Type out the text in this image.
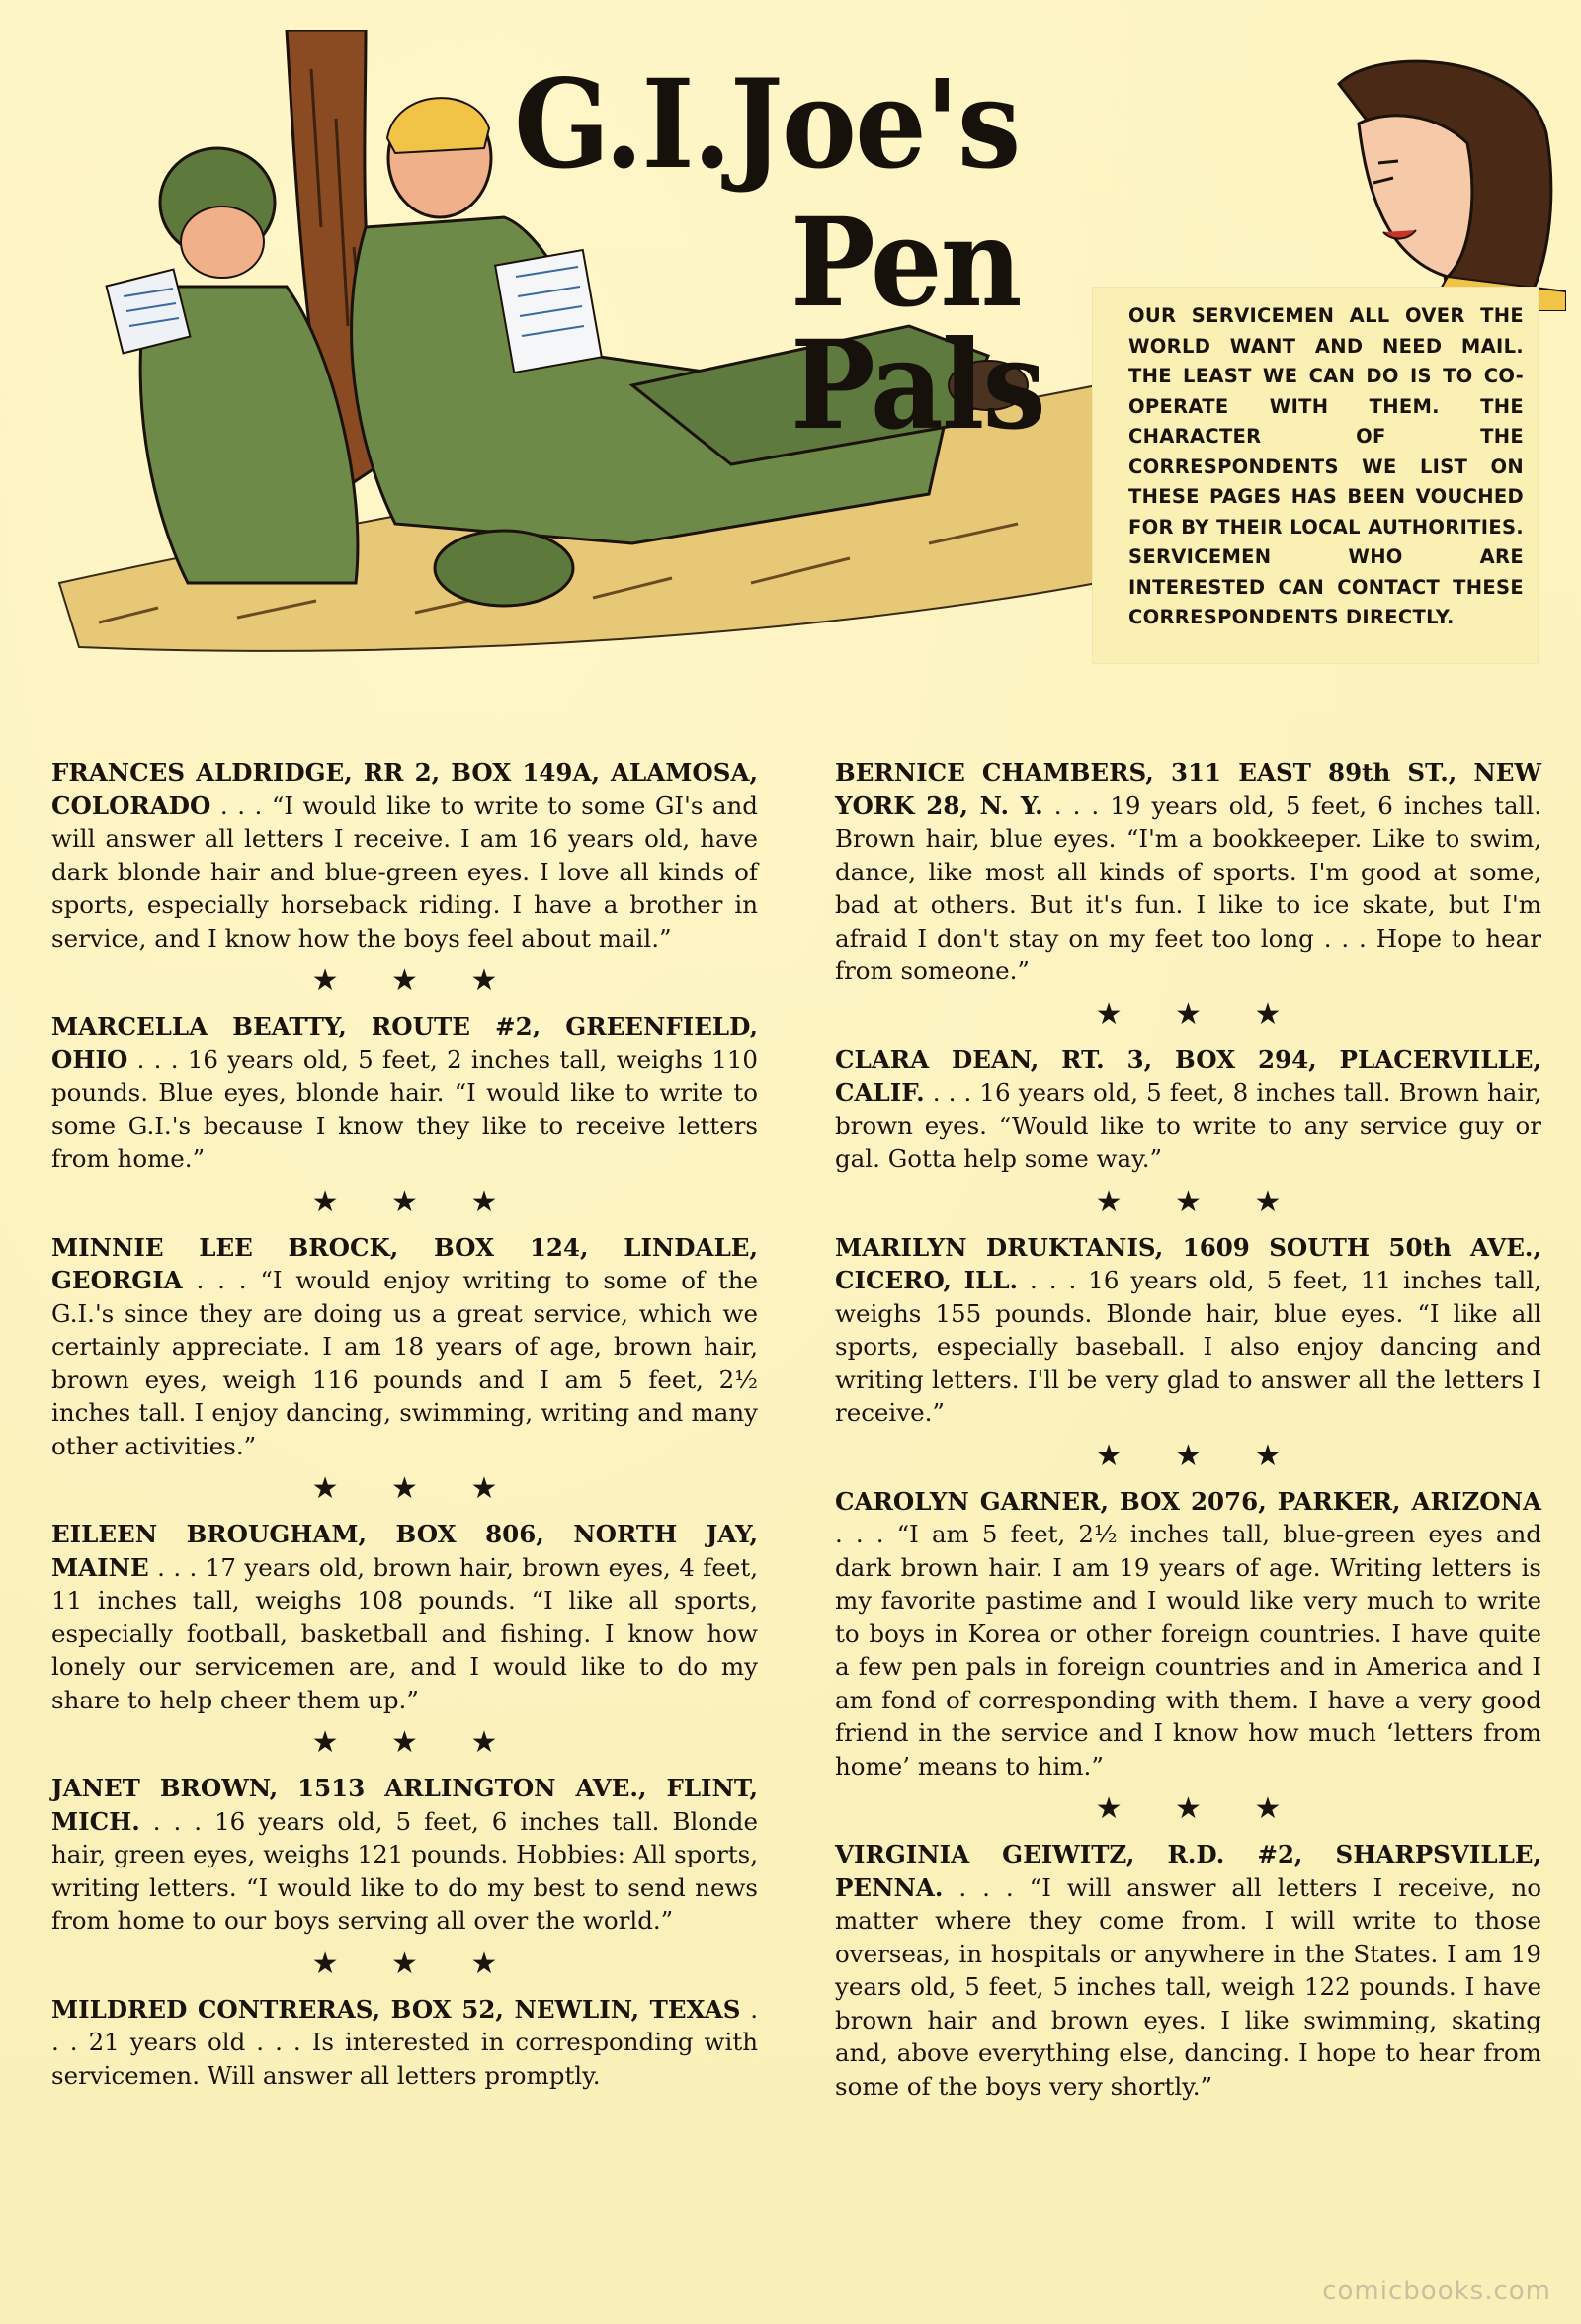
G.I.Joe's
Pen Pals	OUR SERVICEMEN ALL OVER THE WORLD WANT AND NEED MAIL. THE LEAST WE CAN DO IS TO CO-OPERATE WITH THEM. THE CHARACTER OF THE CORRESPONDENTS WE LIST ON THESE PAGES HAS BEEN VOUCHED FOR BY THEIR LOCAL AUTHORITIES. SERVICEMEN WHO ARE INTERESTED CAN CONTACT THESE CORRESPONDENTS DIRECTLY.

FRANCES ALDRIDGE, RR 2, BOX 149A, ALAMOSA, COLORADO . . . “I would like to write to some GI's and will answer all letters I receive. I am 16 years old, have dark blonde hair and blue-green eyes. I love all kinds of sports, especially horseback riding. I have a brother in service, and I know how the boys feel about mail.”

★ ★ ★

MARCELLA BEATTY, ROUTE #2, GREENFIELD, OHIO . . . 16 years old, 5 feet, 2 inches tall, weighs 110 pounds. Blue eyes, blonde hair. “I would like to write to some G.I.'s because I know they like to receive letters from home.”

★ ★ ★

MINNIE LEE BROCK, BOX 124, LINDALE, GEORGIA . . . “I would enjoy writing to some of the G.I.'s since they are doing us a great service, which we certainly appreciate. I am 18 years of age, brown hair, brown eyes, weigh 116 pounds and I am 5 feet, 2½ inches tall. I enjoy dancing, swimming, writing and many other activities.”

★ ★ ★

EILEEN BROUGHAM, BOX 806, NORTH JAY, MAINE . . . 17 years old, brown hair, brown eyes, 4 feet, 11 inches tall, weighs 108 pounds. “I like all sports, especially football, basketball and fishing. I know how lonely our servicemen are, and I would like to do my share to help cheer them up.”

★ ★ ★

JANET BROWN, 1513 ARLINGTON AVE., FLINT, MICH. . . . 16 years old, 5 feet, 6 inches tall. Blonde hair, green eyes, weighs 121 pounds. Hobbies: All sports, writing letters. “I would like to do my best to send news from home to our boys serving all over the world.”

★ ★ ★

MILDRED CONTRERAS, BOX 52, NEWLIN, TEXAS . . . 21 years old . . . Is interested in corresponding with servicemen. Will answer all letters promptly.

BERNICE CHAMBERS, 311 EAST 89th ST., NEW YORK 28, N. Y. . . . 19 years old, 5 feet, 6 inches tall. Brown hair, blue eyes. “I'm a bookkeeper. Like to swim, dance, like most all kinds of sports. I'm good at some, bad at others. But it's fun. I like to ice skate, but I'm afraid I don't stay on my feet too long . . . Hope to hear from someone.”

★ ★ ★

CLARA DEAN, RT. 3, BOX 294, PLACERVILLE, CALIF. . . . 16 years old, 5 feet, 8 inches tall. Brown hair, brown eyes. “Would like to write to any service guy or gal. Gotta help some way.”

★ ★ ★

MARILYN DRUKTANIS, 1609 SOUTH 50th AVE., CICERO, ILL. . . . 16 years old, 5 feet, 11 inches tall, weighs 155 pounds. Blonde hair, blue eyes. “I like all sports, especially baseball. I also enjoy dancing and writing letters. I'll be very glad to answer all the letters I receive.”

★ ★ ★

CAROLYN GARNER, BOX 2076, PARKER, ARIZONA . . . “I am 5 feet, 2½ inches tall, blue-green eyes and dark brown hair. I am 19 years of age. Writing letters is my favorite pastime and I would like very much to write to boys in Korea or other foreign countries. I have quite a few pen pals in foreign countries and in America and I am fond of corresponding with them. I have a very good friend in the service and I know how much ‘letters from home’ means to him.”

★ ★ ★

VIRGINIA GEIWITZ, R.D. #2, SHARPSVILLE, PENNA. . . . “I will answer all letters I receive, no matter where they come from. I will write to those overseas, in hospitals or anywhere in the States. I am 19 years old, 5 feet, 5 inches tall, weigh 122 pounds. I have brown hair and brown eyes. I like swimming, skating and, above everything else, dancing. I hope to hear from some of the boys very shortly.”

comicbooks.com
